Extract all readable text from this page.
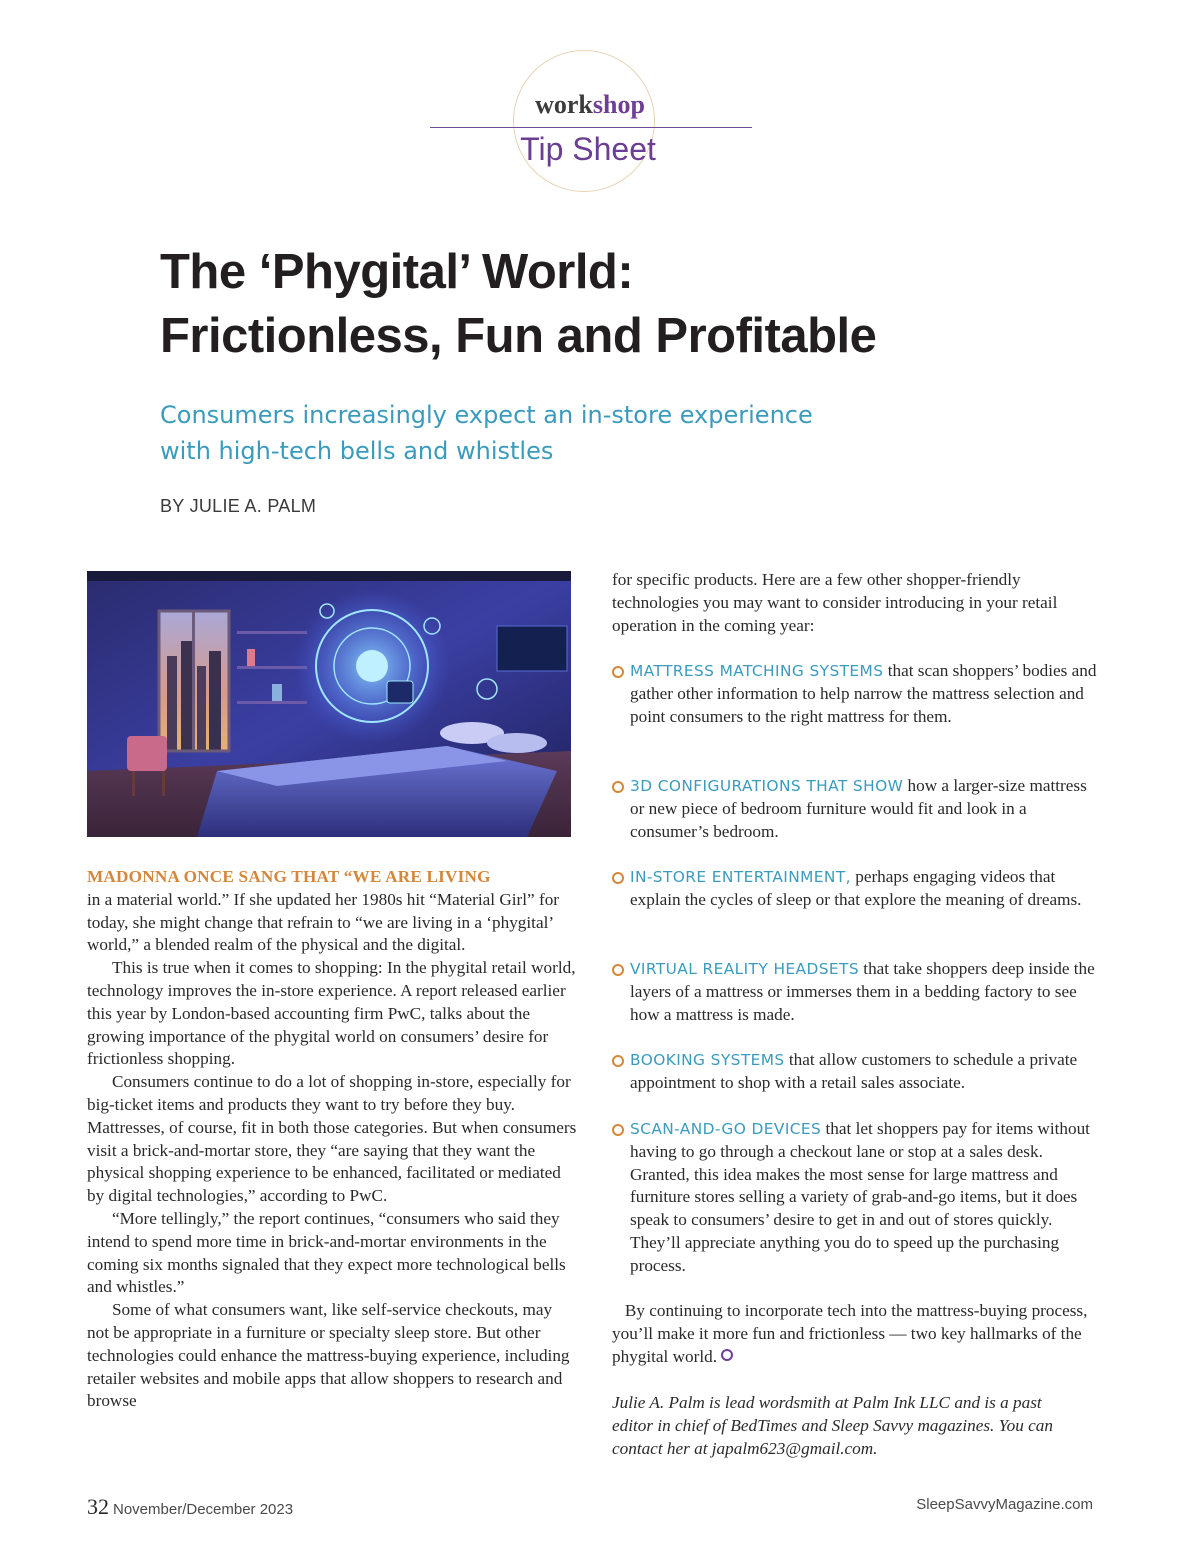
workshop
Tip Sheet
The ‘Phygital’ World:
Frictionless, Fun and Profitable
Consumers increasingly expect an in-store experience
with high-tech bells and whistles
BY JULIE A. PALM

MADONNA ONCE SANG THAT “WE ARE LIVING
in a material world.” If she updated her 1980s hit “Material Girl” for today, she might change that refrain to “we are living in a ‘phygital’ world,” a blended realm of the physical and the digital.

This is true when it comes to shopping: In the phygital retail world, technology improves the in-store experience. A report released earlier this year by London-based accounting firm PwC, talks about the growing importance of the phygital world on consumers’ desire for frictionless shopping.

Consumers continue to do a lot of shopping in-store, especially for big-ticket items and products they want to try before they buy. Mattresses, of course, fit in both those categories. But when consumers visit a brick-and-mortar store, they “are saying that they want the physical shopping experience to be enhanced, facilitated or mediated by digital technologies,” according to PwC.

“More tellingly,” the report continues, “consumers who said they intend to spend more time in brick-and-mortar environments in the coming six months signaled that they expect more technological bells and whistles.”

Some of what consumers want, like self-service checkouts, may not be appropriate in a furniture or specialty sleep store. But other technologies could enhance the mattress-buying experience, including retailer websites and mobile apps that allow shoppers to research and browse

for specific products. Here are a few other shopper-friendly technologies you may want to consider introducing in your retail operation in the coming year:

MATTRESS MATCHING SYSTEMS that scan shoppers’ bodies and gather other information to help narrow the mattress selection and point consumers to the right mattress for them.

3D CONFIGURATIONS THAT SHOW how a larger-size mattress or new piece of bedroom furniture would fit and look in a consumer’s bedroom.

IN-STORE ENTERTAINMENT, perhaps engaging videos that explain the cycles of sleep or that explore the meaning of dreams.

VIRTUAL REALITY HEADSETS that take shoppers deep inside the layers of a mattress or immerses them in a bedding factory to see how a mattress is made.

BOOKING SYSTEMS that allow customers to schedule a private appointment to shop with a retail sales associate.

SCAN-AND-GO DEVICES that let shoppers pay for items without having to go through a checkout lane or stop at a sales desk. Granted, this idea makes the most sense for large mattress and furniture stores selling a variety of grab-and-go items, but it does speak to consumers’ desire to get in and out of stores quickly. They’ll appreciate anything you do to speed up the purchasing process.

By continuing to incorporate tech into the mattress-buying process, you’ll make it more fun and frictionless — two key hallmarks of the phygital world.

Julie A. Palm is lead wordsmith at Palm Ink LLC and is a past editor in chief of BedTimes and Sleep Savvy magazines. You can contact her at japalm623@gmail.com.

32 November/December 2023	SleepSavvyMagazine.com
